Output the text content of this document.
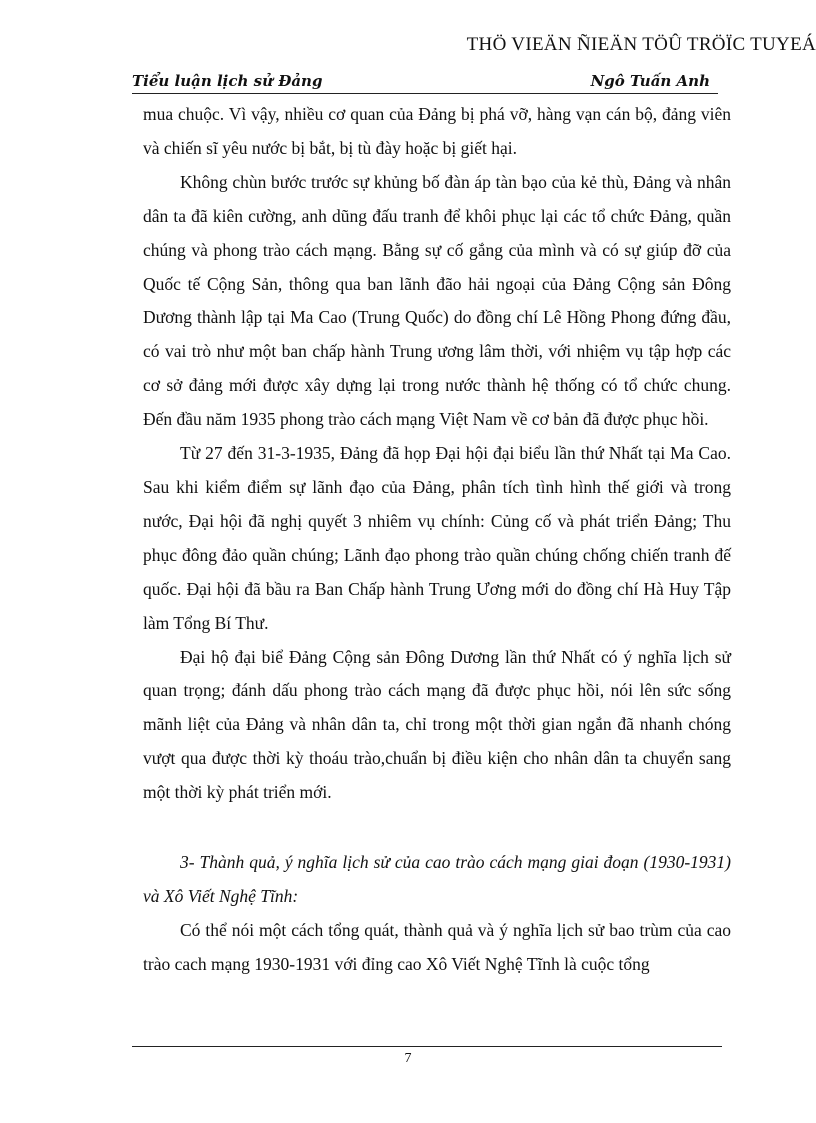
THÖ VIEÄN ÑIEÄN TÖÛ TRÖÏC TUYEÁ
Tiểu luận lịch sử Đảng	Ngô Tuấn Anh

mua chuộc. Vì vậy, nhiều cơ quan của Đảng bị phá vỡ, hàng vạn cán bộ, đảng viên và chiến sĩ yêu nước bị bắt, bị tù đày hoặc bị giết hại.

Không chùn bước trước sự khủng bố đàn áp tàn bạo của kẻ thù, Đảng và nhân dân ta đã kiên cường, anh dũng đấu tranh để khôi phục lại các tổ chức Đảng, quần chúng và phong trào cách mạng. Bằng sự cố gắng của mình và có sự giúp đỡ của Quốc tế Cộng Sản, thông qua ban lãnh đão hải ngoại của Đảng Cộng sản Đông Dương thành lập tại Ma Cao (Trung Quốc) do đồng chí Lê Hồng Phong đứng đầu, có vai trò như một ban chấp hành Trung ương lâm thời, với nhiệm vụ tập hợp các cơ sở đảng mới được xây dựng lại trong nước thành hệ thống có tổ chức chung. Đến đầu năm 1935 phong trào cách mạng Việt Nam về cơ bản đã được phục hồi.

Từ 27 đến 31-3-1935, Đảng đã họp Đại hội đại biểu lần thứ Nhất tại Ma Cao. Sau khi kiểm điểm sự lãnh đạo của Đảng, phân tích tình hình thế giới và trong nước, Đại hội đã nghị quyết 3 nhiêm vụ chính: Củng cố và phát triển Đảng; Thu phục đông đảo quần chúng; Lãnh đạo phong trào quần chúng chống chiến tranh đế quốc. Đại hội đã bầu ra Ban Chấp hành Trung Ương mới do đồng chí Hà Huy Tập làm Tổng Bí Thư.

Đại hộ đại biể Đảng Cộng sản Đông Dương lần thứ Nhất có ý nghĩa lịch sử quan trọng; đánh dấu phong trào cách mạng đã được phục hồi, nói lên sức sống mãnh liệt của Đảng và nhân dân ta, chỉ trong một thời gian ngắn đã nhanh chóng vượt qua được thời kỳ thoáu trào,chuẩn bị điều kiện cho nhân dân ta chuyển sang một thời kỳ phát triển mới.

3- Thành quả, ý nghĩa lịch sử của cao trào cách mạng giai đoạn (1930-1931) và Xô Viết Nghệ Tĩnh:

Có thể nói một cách tổng quát, thành quả và ý nghĩa lịch sử bao trùm của cao trào cach mạng 1930-1931 với đỉng cao Xô Viết Nghệ Tĩnh là cuộc tổng

7
